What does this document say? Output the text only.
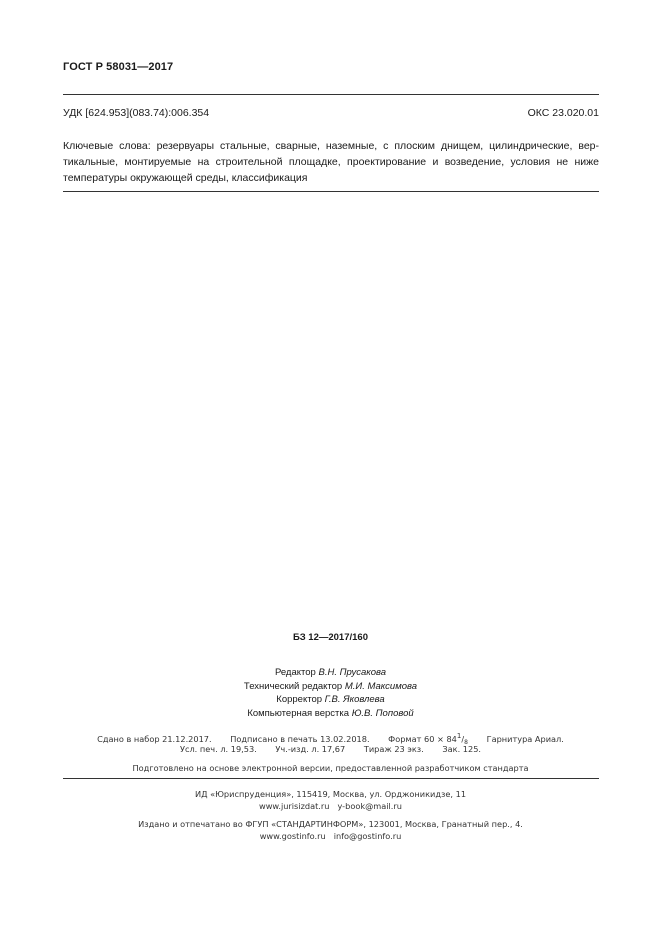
ГОСТ Р 58031—2017
УДК [624.953](083.74):006.354	ОКС 23.020.01
Ключевые слова: резервуары стальные, сварные, наземные, с плоским днищем, цилиндрические, вер-
тикальные, монтируемые на строительной площадке, проектирование и возведение, условия не ниже
температуры окружающей среды, классификация
БЗ 12—2017/160
Редактор В.Н. Прусакова
Технический редактор М.И. Максимова
Корректор Г.В. Яковлева
Компьютерная верстка Ю.В. Поповой
Сдано в набор 21.12.2017. Подписано в печать 13.02.2018. Формат $60 \times 841/_8$ Гарнитура Ариал.
Усл. печ. л. 19,53. Уч.-изд. л. 17,67 Тираж 23 экз. Зак. 125.
Подготовлено на основе электронной версии, предоставленной разработчиком стандарта
ИД «Юриспруденция», 115419, Москва, ул. Орджоникидзе, 11
www.jurisizdat.ru y-book@mail.ru
Издано и отпечатано во ФГУП «СТАНДАРТИНФОРМ», 123001, Москва, Гранатный пер., 4.
www.gostinfo.ru info@gostinfo.ru
